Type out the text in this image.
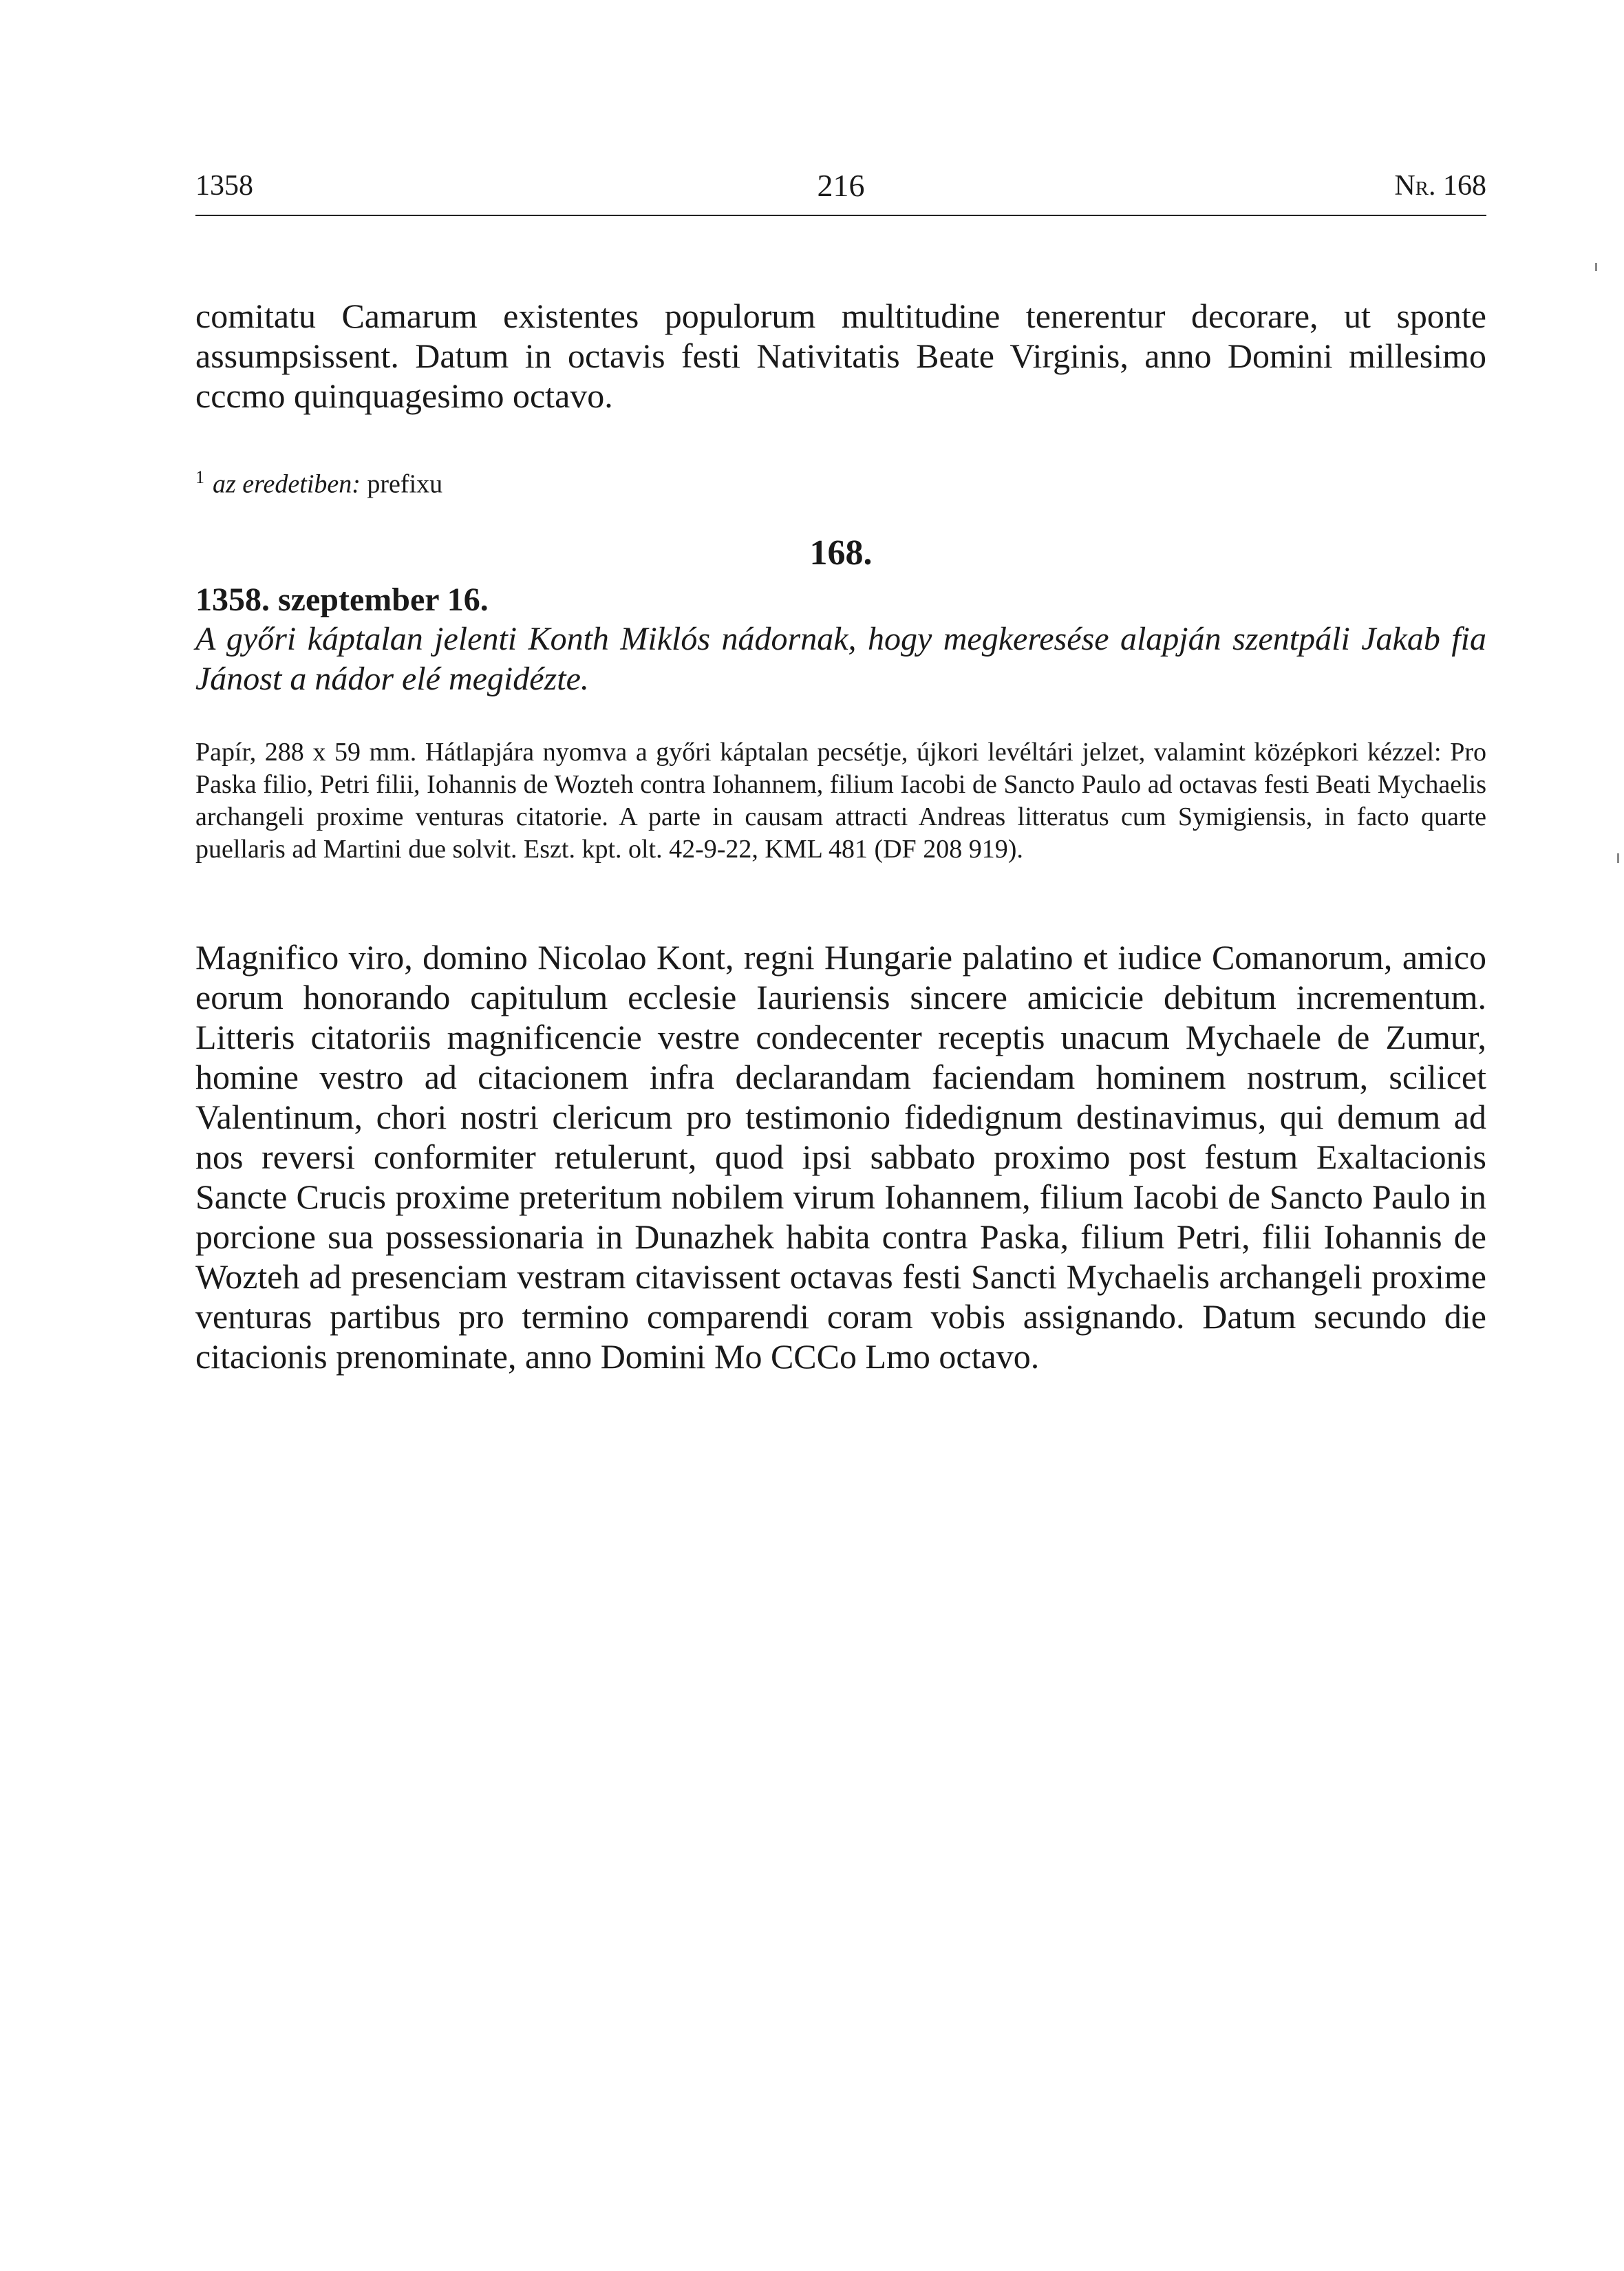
1358	216	Nr. 168

comitatu Camarum existentes populorum multitudine tenerentur decorare, ut sponte assumpsissent. Datum in octavis festi Nativitatis Beate Virginis, anno Domini millesimo cccmo quinquagesimo octavo.

$^1$ az eredetiben: prefixu

168.

1358. szeptember 16.

A győri káptalan jelenti Konth Miklós nádornak, hogy megkeresése alapján szentpáli Jakab fia Jánost a nádor elé megidézte.

Papír, 288 x 59 mm. Hátlapjára nyomva a győri káptalan pecsétje, újkori levéltári jelzet, valamint középkori kézzel: Pro Paska filio, Petri filii, Iohannis de Wozteh contra Iohannem, filium Iacobi de Sancto Paulo ad octavas festi Beati Mychaelis archangeli proxime venturas citatorie. A parte in causam attracti Andreas litteratus cum Symigiensis, in facto quarte puellaris ad Martini due solvit. Eszt. kpt. olt. 42-9-22, KML 481 (DF 208 919).

Magnifico viro, domino Nicolao Kont, regni Hungarie palatino et iudice Comanorum, amico eorum honorando capitulum ecclesie Iauriensis sincere amicicie debitum incrementum. Litteris citatoriis magnificencie vestre condecenter receptis unacum Mychaele de Zumur, homine vestro ad citacionem infra declarandam faciendam hominem nostrum, scilicet Valentinum, chori nostri clericum pro testimonio fidedignum destinavimus, qui demum ad nos reversi conformiter retulerunt, quod ipsi sabbato proximo post festum Exaltacionis Sancte Crucis proxime preteritum nobilem virum Iohannem, filium Iacobi de Sancto Paulo in porcione sua possessionaria in Dunazhek habita contra Paska, filium Petri, filii Iohannis de Wozteh ad presenciam vestram citavissent octavas festi Sancti Mychaelis archangeli proxime venturas partibus pro termino comparendi coram vobis assignando. Datum secundo die citacionis prenominate, anno Domini Mo CCCo Lmo octavo.
